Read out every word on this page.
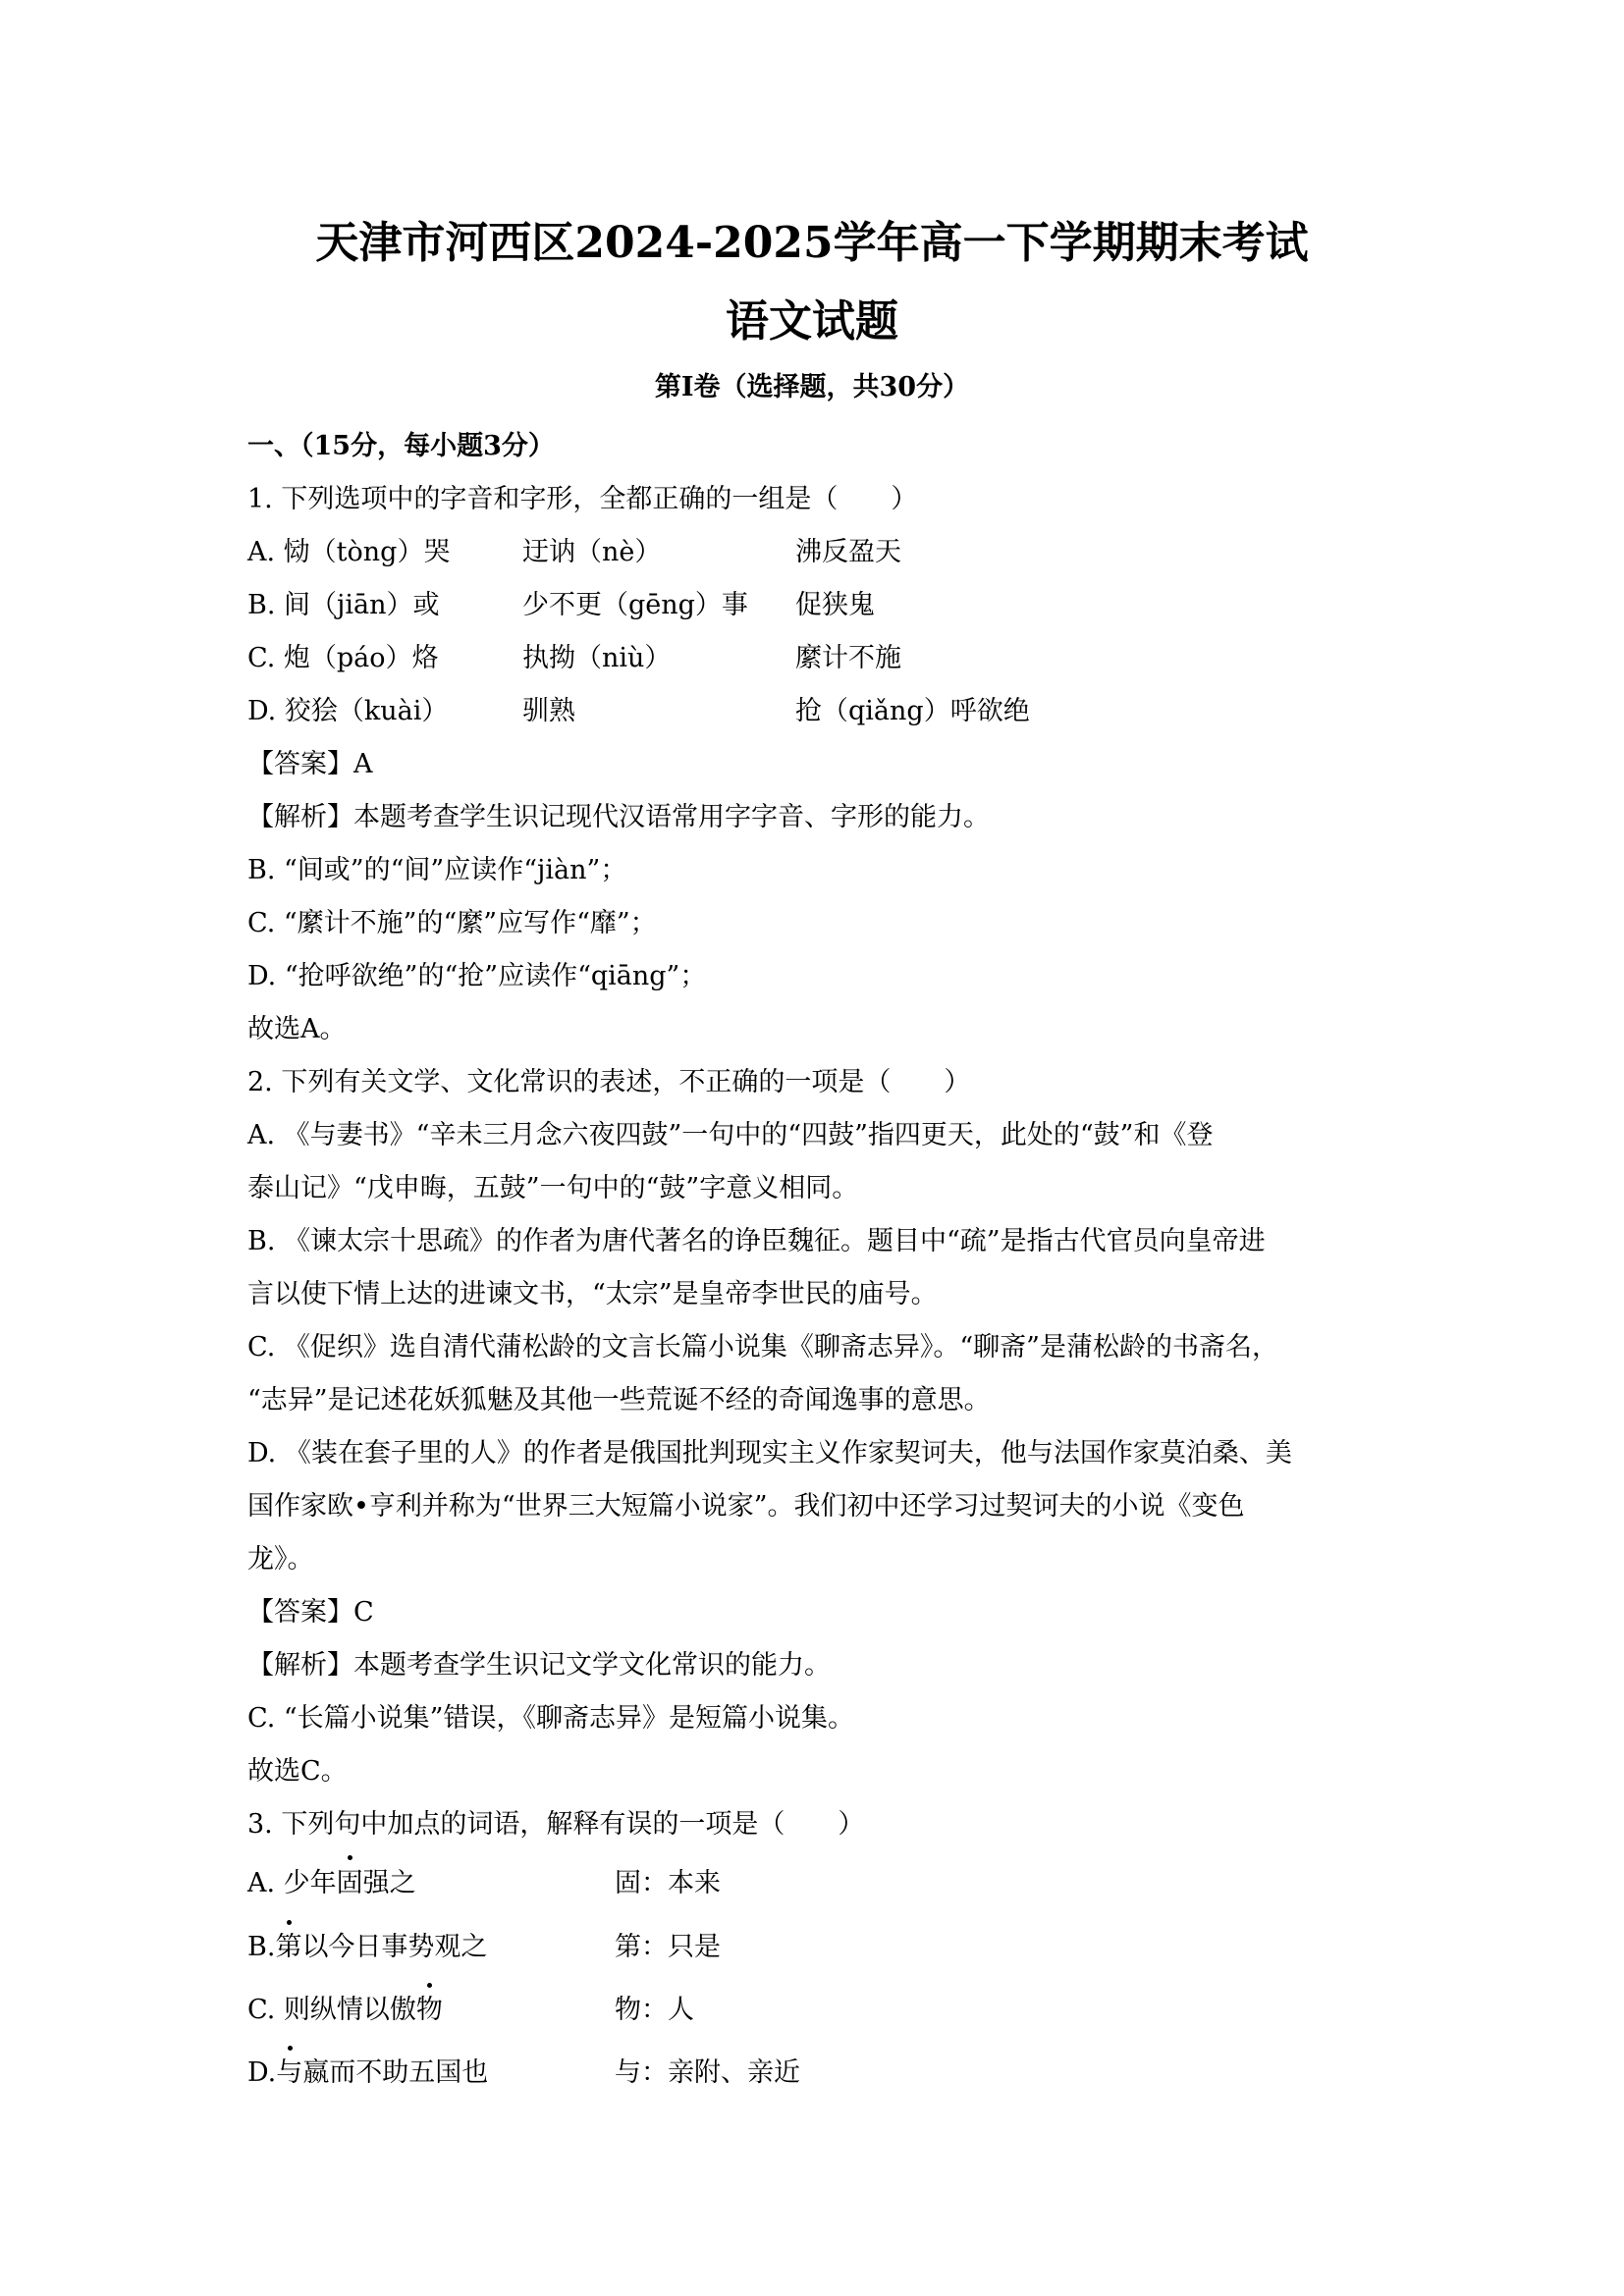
天津市河西区2024-2025学年高一下学期期末考试
语文试题
第Ⅰ卷（选择题，共30分）
一、（15分，每小题3分）
1. 下列选项中的字音和字形，全都正确的一组是（　　）
A. 恸（tòng）哭	迂讷（nè）	沸反盈天
B. 间（jiān）或	少不更（gēng）事	促狭鬼
C. 炮（páo）烙	执拗（niù）	縻计不施
D. 狡狯（kuài）	驯熟	抢（qiǎng）呼欲绝
【答案】A
【解析】本题考查学生识记现代汉语常用字字音、字形的能力。
B. “间或”的“间”应读作“jiàn”；
C. “縻计不施”的“縻”应写作“靡”；
D. “抢呼欲绝”的“抢”应读作“qiāng”；
故选A。
2. 下列有关文学、文化常识的表述，不正确的一项是（　　）
A. 《与妻书》“辛未三月念六夜四鼓”一句中的“四鼓”指四更天，此处的“鼓”和《登
泰山记》“戊申晦，五鼓”一句中的“鼓”字意义相同。
B. 《谏太宗十思疏》的作者为唐代著名的诤臣魏征。题目中“疏”是指古代官员向皇帝进
言以使下情上达的进谏文书，“太宗”是皇帝李世民的庙号。
C. 《促织》选自清代蒲松龄的文言长篇小说集《聊斋志异》。“聊斋”是蒲松龄的书斋名，
“志异”是记述花妖狐魅及其他一些荒诞不经的奇闻逸事的意思。
D. 《装在套子里的人》的作者是俄国批判现实主义作家契诃夫，他与法国作家莫泊桑、美
国作家欧•亨利并称为“世界三大短篇小说家”。我们初中还学习过契诃夫的小说《变色
龙》。
【答案】C
【解析】本题考查学生识记文学文化常识的能力。
C. “长篇小说集”错误，《聊斋志异》是短篇小说集。
故选C。
3. 下列句中加点的词语，解释有误的一项是（　　）
A. 少年固强之	固：本来
B.第以今日事势观之	第：只是
C. 则纵情以傲物	物：人
D.与嬴而不助五国也	与：亲附、亲近
